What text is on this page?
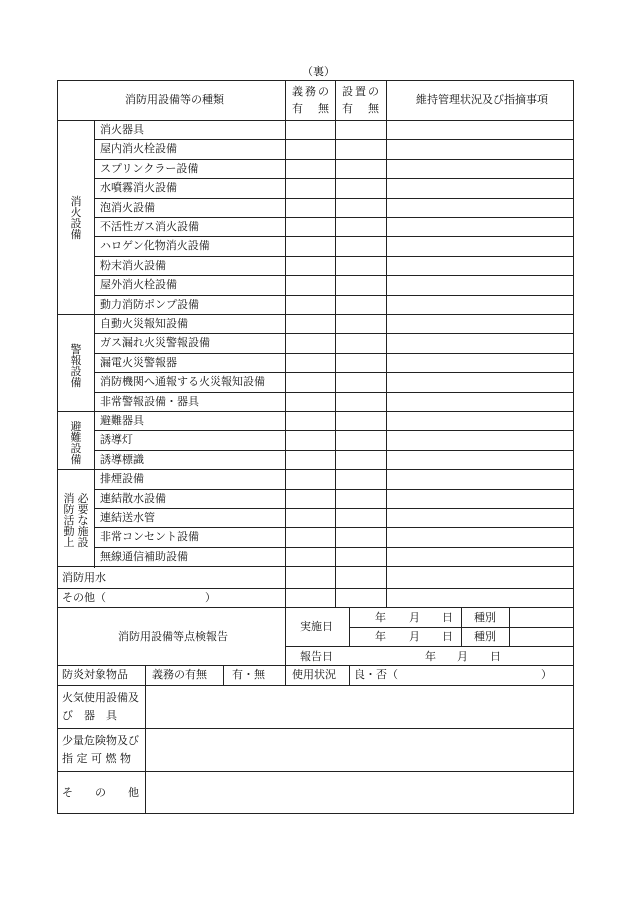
（裏）
消防用設備等の種類
義務の
有　無
設置の
有　無
維持管理状況及び指摘事項
消火設備
警報設備
避難設備
消防活動上
必要な施設
消火器具
屋内消火栓設備
スプリンクラー設備
水噴霧消火設備
泡消火設備
不活性ガス消火設備
ハロゲン化物消火設備
粉末消火設備
屋外消火栓設備
動力消防ポンプ設備
自動火災報知設備
ガス漏れ火災警報設備
漏電火災警報器
消防機関へ通報する火災報知設備
非常警報設備・器具
避難器具
誘導灯
誘導標識
排煙設備
連結散水設備
連結送水管
非常コンセント設備
無線通信補助設備
消防用水
その他（　　　　　　　　　）
消防用設備等点検報告
実施日
報告日
年 月 日 種別
年 月 日 種別
年 月 日
防炎対象物品 義務の有無 有・無 使用状況 良・否（　　　　　　　　　　　　　）
火気使用設備及
び　器　具
少量危険物及び
指 定 可 燃 物
そ　　の　　他
